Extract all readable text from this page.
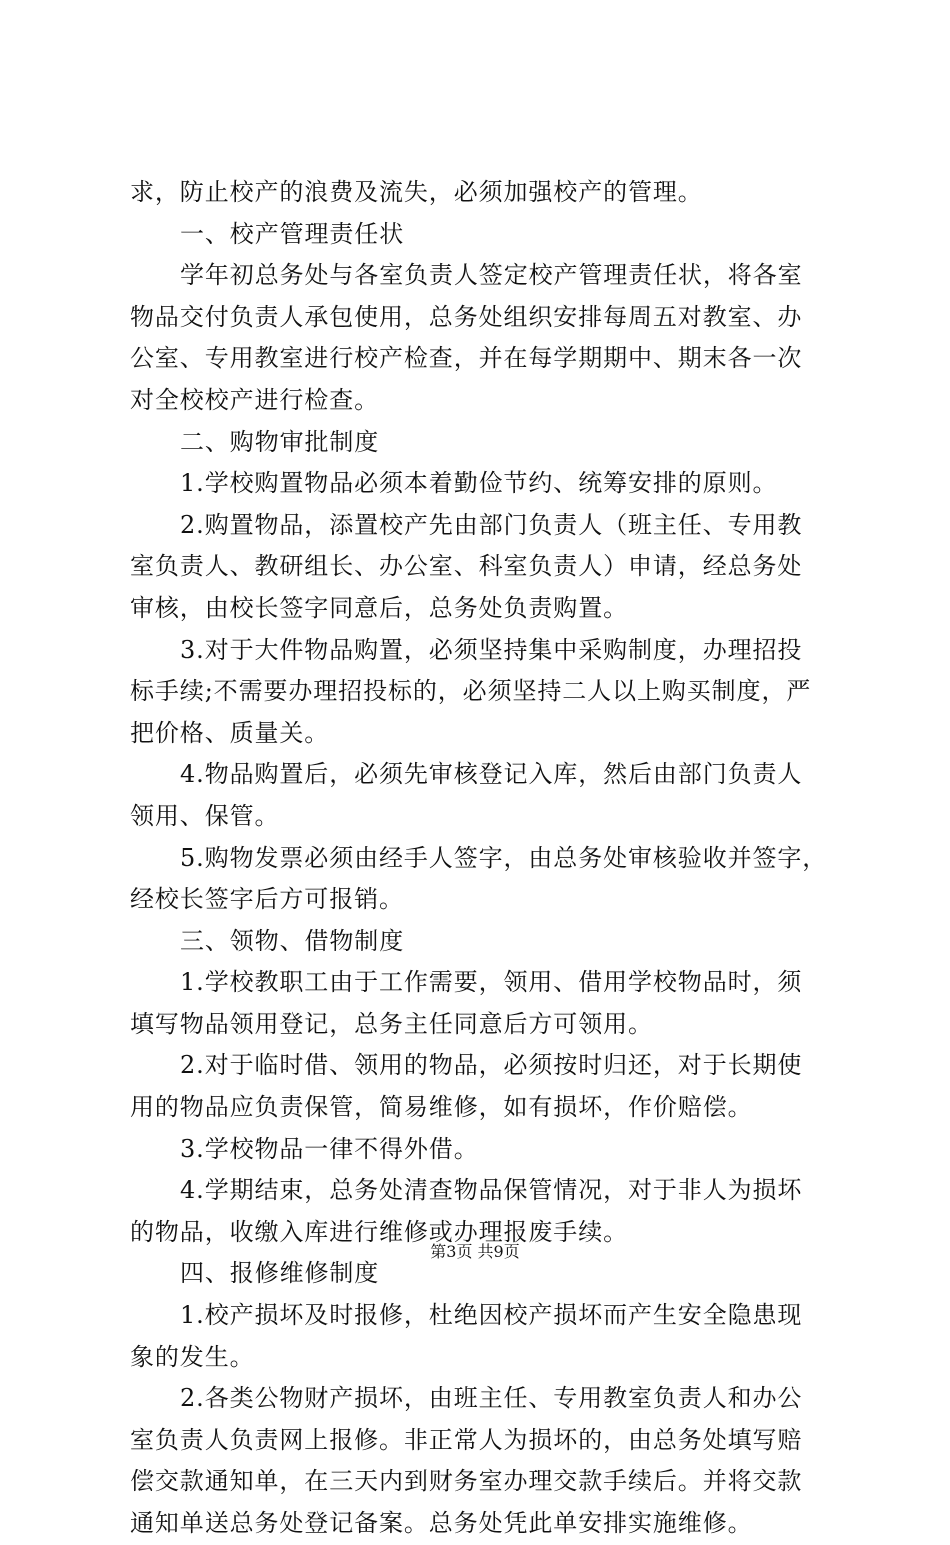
求，防止校产的浪费及流失，必须加强校产的管理。
一、校产管理责任状
学年初总务处与各室负责人签定校产管理责任状，将各室
物品交付负责人承包使用，总务处组织安排每周五对教室、办
公室、专用教室进行校产检查，并在每学期期中、期末各一次
对全校校产进行检查。
二、购物审批制度
1.学校购置物品必须本着勤俭节约、统筹安排的原则。
2.购置物品，添置校产先由部门负责人（班主任、专用教
室负责人、教研组长、办公室、科室负责人）申请，经总务处
审核，由校长签字同意后，总务处负责购置。
3.对于大件物品购置，必须坚持集中采购制度，办理招投
标手续;不需要办理招投标的，必须坚持二人以上购买制度，严
把价格、质量关。
4.物品购置后，必须先审核登记入库，然后由部门负责人
领用、保管。
5.购物发票必须由经手人签字，由总务处审核验收并签字，
经校长签字后方可报销。
三、领物、借物制度
1.学校教职工由于工作需要，领用、借用学校物品时，须
填写物品领用登记，总务主任同意后方可领用。
2.对于临时借、领用的物品，必须按时归还，对于长期使
用的物品应负责保管，简易维修，如有损坏，作价赔偿。
3.学校物品一律不得外借。
4.学期结束，总务处清查物品保管情况，对于非人为损坏
的物品，收缴入库进行维修或办理报废手续。
四、报修维修制度
1.校产损坏及时报修，杜绝因校产损坏而产生安全隐患现
象的发生。
2.各类公物财产损坏，由班主任、专用教室负责人和办公
室负责人负责网上报修。非正常人为损坏的，由总务处填写赔
偿交款通知单，在三天内到财务室办理交款手续后。并将交款
通知单送总务处登记备案。总务处凭此单安排实施维修。
第3页 共9页
